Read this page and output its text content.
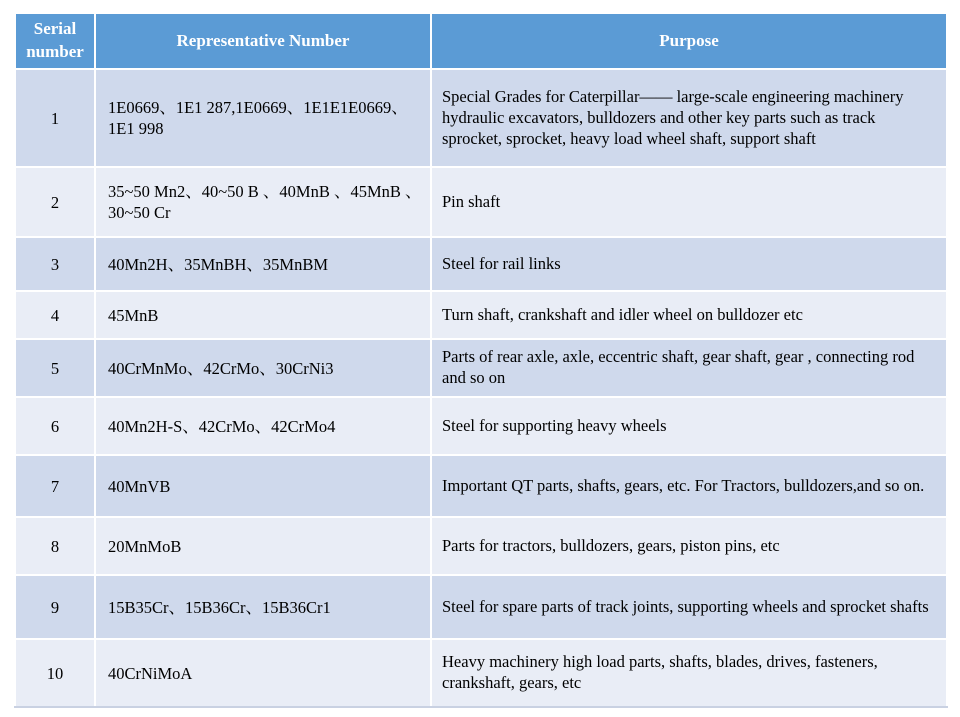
Serial number	Representative Number	Purpose
1	1E0669、1E1 287,1E0669、1E1E1E0669、1E1 998	Special Grades for Caterpillar—— large-scale engineering machinery hydraulic excavators, bulldozers and other key parts such as track sprocket, sprocket, heavy load wheel shaft, support shaft
2	35~50 Mn2、40~50 B 、40MnB 、45MnB 、30~50 Cr	Pin shaft
3	40Mn2H、35MnBH、35MnBM	Steel for rail links
4	45MnB	Turn shaft, crankshaft and idler wheel on bulldozer etc
5	40CrMnMo、42CrMo、30CrNi3	Parts of rear axle, axle, eccentric shaft, gear shaft, gear , connecting rod and so on
6	40Mn2H-S、42CrMo、42CrMo4	Steel for supporting heavy wheels
7	40MnVB	Important QT parts, shafts, gears, etc. For Tractors, bulldozers,and so on.
8	20MnMoB	Parts for tractors, bulldozers, gears, piston pins, etc
9	15B35Cr、15B36Cr、15B36Cr1	Steel for spare parts of track joints, supporting wheels and sprocket shafts
10	40CrNiMoA	Heavy machinery high load parts, shafts, blades, drives, fasteners, crankshaft, gears, etc
